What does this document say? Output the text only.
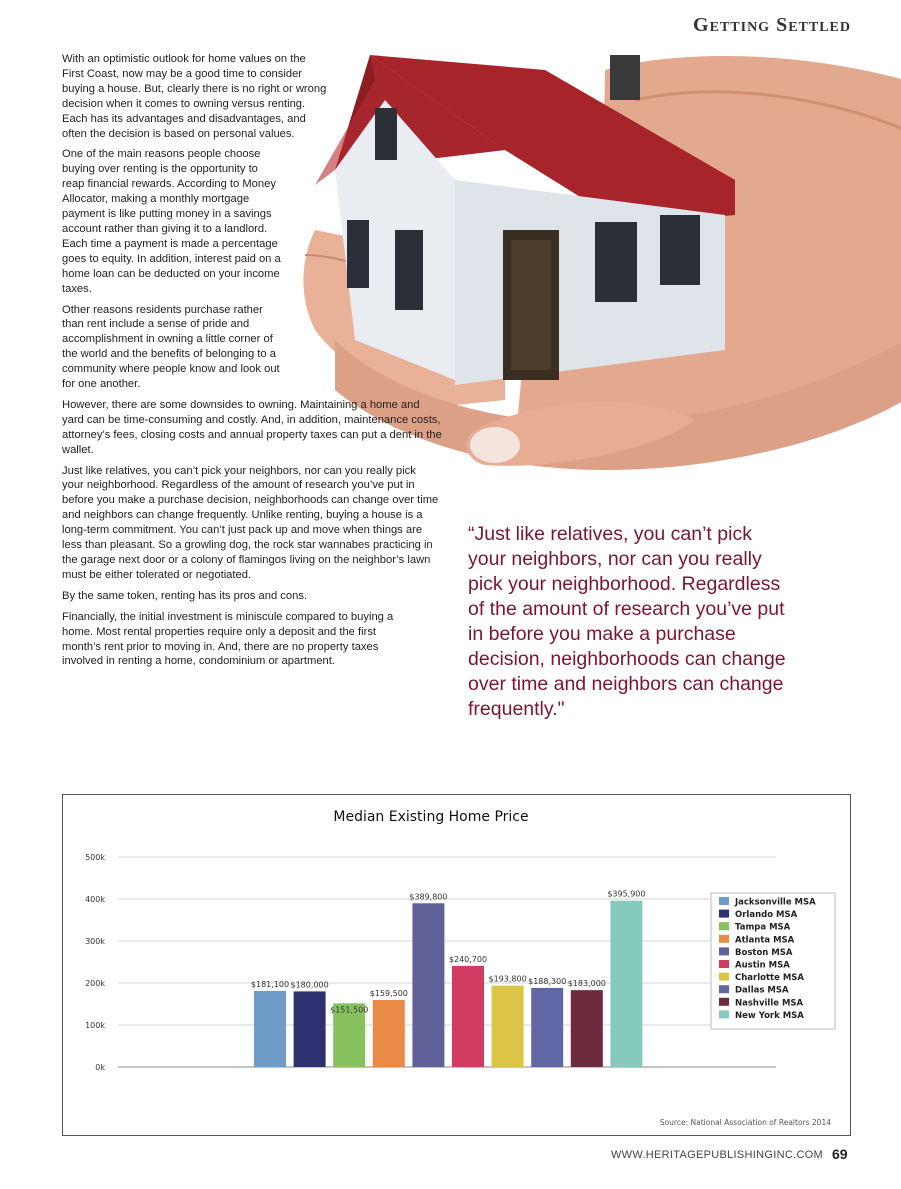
Getting Settled

With an optimistic outlook for home values on the First Coast, now may be a good time to consider buying a house. But, clearly there is no right or wrong decision when it comes to owning versus renting. Each has its advantages and disadvantages, and often the decision is based on personal values.

One of the main reasons people choose buying over renting is the opportunity to reap financial rewards. According to Money Allocator, making a monthly mortgage payment is like putting money in a savings account rather than giving it to a landlord. Each time a payment is made a percentage goes to equity. In addition, interest paid on a home loan can be deducted on your income taxes.

Other reasons residents purchase rather than rent include a sense of pride and accomplishment in owning a little corner of the world and the benefits of belonging to a community where people know and look out for one another.

However, there are some downsides to owning. Maintaining a home and yard can be time-consuming and costly. And, in addition, maintenance costs, attorney’s fees, closing costs and annual property taxes can put a dent in the wallet.

Just like relatives, you can’t pick your neighbors, nor can you really pick your neighborhood. Regardless of the amount of research you’ve put in before you make a purchase decision, neighborhoods can change over time and neighbors can change frequently. Unlike renting, buying a house is a long-term commitment. You can’t just pack up and move when things are less than pleasant. So a growling dog, the rock star wannabes practicing in the garage next door or a colony of flamingos living on the neighbor’s lawn must be either tolerated or negotiated.

By the same token, renting has its pros and cons.

Financially, the initial investment is miniscule compared to buying a home. Most rental properties require only a deposit and the first month’s rent prior to moving in. And, there are no property taxes involved in renting a home, condominium or apartment.

“Just like relatives, you can’t pick your neighbors, nor can you really pick your neighborhood. Regardless of the amount of research you’ve put in before you make a purchase decision, neighborhoods can change over time and neighbors can change frequently."
Median Existing Home Price
0k
100k
200k
300k
400k
500k
$181,100 $180,000
$151,500
$159,500
$389,800
$240,700
$193,800 $188,300 $183,000
$395,900
Jacksonville MSA
Orlando MSA
Tampa MSA
Atlanta MSA
Boston MSA
Austin MSA
Charlotte MSA
Dallas MSA
Nashville MSA
New York MSA
Source: National Association of Realtors 2014
WWW.HERITAGEPUBLISHINGINC.COM 69
